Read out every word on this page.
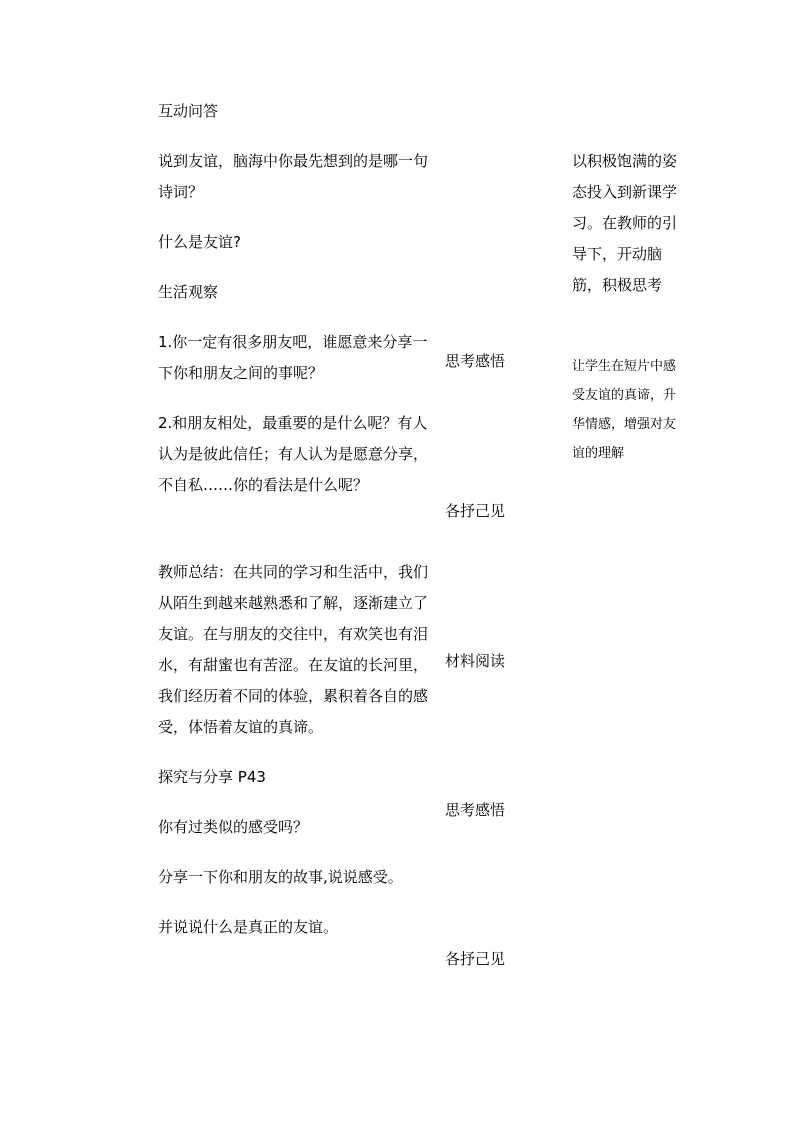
互动问答

说到友谊，脑海中你最先想到的是哪一句诗词？

什么是友谊?

生活观察

1.你一定有很多朋友吧，谁愿意来分享一下你和朋友之间的事呢？

2.和朋友相处，最重要的是什么呢？有人认为是彼此信任；有人认为是愿意分享，不自私……你的看法是什么呢？

教师总结：在共同的学习和生活中，我们从陌生到越来越熟悉和了解，逐渐建立了友谊。在与朋友的交往中，有欢笑也有泪水，有甜蜜也有苦涩。在友谊的长河里，我们经历着不同的体验，累积着各自的感受，体悟着友谊的真谛。

探究与分享 P43

你有过类似的感受吗？

分享一下你和朋友的故事,说说感受。

并说说什么是真正的友谊。

思考感悟
各抒己见
材料阅读
思考感悟
各抒己见

以积极饱满的姿态投入到新课学习。在教师的引导下，开动脑筋，积极思考

让学生在短片中感受友谊的真谛，升华情感，增强对友谊的理解
